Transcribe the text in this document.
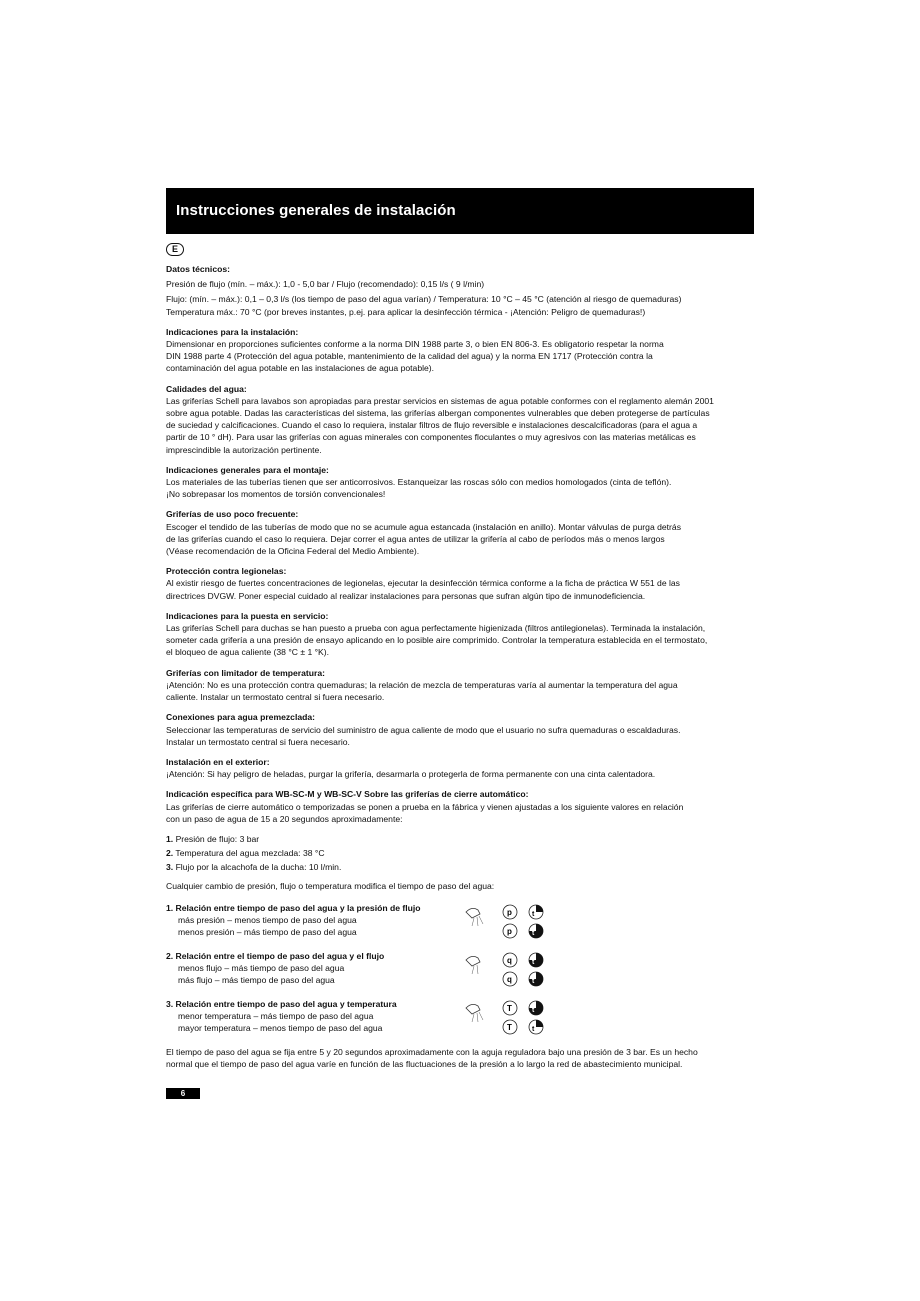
Instrucciones generales de instalación
E
Datos técnicos:
Presión de flujo (mín. – máx.): 1,0 - 5,0 bar / Flujo (recomendado): 0,15 l/s ( 9 l/min)
Flujo: (mín. – máx.): 0,1 – 0,3 l/s (los tiempo de paso del agua varían) / Temperatura: 10 °C – 45 °C (atención al riesgo de quemaduras)
Temperatura máx.: 70 °C (por breves instantes, p.ej. para aplicar la desinfección térmica - ¡Atención: Peligro de quemaduras!)
Indicaciones para la instalación:
Dimensionar en proporciones suficientes conforme a la norma DIN 1988 parte 3, o bien EN 806-3. Es obligatorio respetar la norma
DIN 1988 parte 4 (Protección del agua potable, mantenimiento de la calidad del agua) y la norma EN 1717 (Protección contra la
contaminación del agua potable en las instalaciones de agua potable).
Calidades del agua:
Las griferías Schell para lavabos son apropiadas para prestar servicios en sistemas de agua potable conformes con el reglamento alemán 2001
sobre agua potable. Dadas las características del sistema, las griferías albergan componentes vulnerables que deben protegerse de partículas
de suciedad y calcificaciones. Cuando el caso lo requiera, instalar filtros de flujo reversible e instalaciones descalcificadoras (para el agua a
partir de 10 ° dH). Para usar las griferías con aguas minerales con componentes floculantes o muy agresivos con las materias metálicas es
imprescindible la autorización pertinente.
Indicaciones generales para el montaje:
Los materiales de las tuberías tienen que ser anticorrosivos. Estanqueizar las roscas sólo con medios homologados (cinta de teflón).
¡No sobrepasar los momentos de torsión convencionales!
Griferías de uso poco frecuente:
Escoger el tendido de las tuberías de modo que no se acumule agua estancada (instalación en anillo). Montar válvulas de purga detrás
de las griferías cuando el caso lo requiera. Dejar correr el agua antes de utilizar la grifería al cabo de períodos más o menos largos
(Véase recomendación de la Oficina Federal del Medio Ambiente).
Protección contra legionelas:
Al existir riesgo de fuertes concentraciones de legionelas, ejecutar la desinfección térmica conforme a la ficha de práctica W 551 de las
directrices DVGW. Poner especial cuidado al realizar instalaciones para personas que sufran algún tipo de inmunodeficiencia.
Indicaciones para la puesta en servicio:
Las griferías Schell para duchas se han puesto a prueba con agua perfectamente higienizada (filtros antilegionelas). Terminada la instalación,
someter cada grifería a una presión de ensayo aplicando en lo posible aire comprimido. Controlar la temperatura establecida en el termostato,
el bloqueo de agua caliente (38 °C ± 1 °K).
Griferías con limitador de temperatura:
¡Atención: No es una protección contra quemaduras; la relación de mezcla de temperaturas varía al aumentar la temperatura del agua
caliente. Instalar un termostato central si fuera necesario.
Conexiones para agua premezclada:
Seleccionar las temperaturas de servicio del suministro de agua caliente de modo que el usuario no sufra quemaduras o escaldaduras.
Instalar un termostato central si fuera necesario.
Instalación en el exterior:
¡Atención: Si hay peligro de heladas, purgar la grifería, desarmarla o protegerla de forma permanente con una cinta calentadora.
Indicación específica para WB-SC-M y WB-SC-V Sobre las griferías de cierre automático:
Las griferías de cierre automático o temporizadas se ponen a prueba en la fábrica y vienen ajustadas a los siguiente valores en relación
con un paso de agua de 15 a 20 segundos aproximadamente:
1. Presión de flujo: 3 bar
2. Temperatura del agua mezclada: 38 °C
3. Flujo por la alcachofa de la ducha: 10 l/min.
Cualquier cambio de presión, flujo o temperatura modifica el tiempo de paso del agua:
1. Relación entre tiempo de paso del agua y la presión de flujo
más presión – menos tiempo de paso del agua
menos presión – más tiempo de paso del agua
p
p
t
t
2. Relación entre el tiempo de paso del agua y el flujo
menos flujo – más tiempo de paso del agua
más flujo – más tiempo de paso del agua
q
q
t
t
3. Relación entre tiempo de paso del agua y temperatura
menor temperatura – más tiempo de paso del agua
mayor temperatura – menos tiempo de paso del agua
T
T
t
t
El tiempo de paso del agua se fija entre 5 y 20 segundos aproximadamente con la aguja reguladora bajo una presión de 3 bar. Es un hecho
normal que el tiempo de paso del agua varíe en función de las fluctuaciones de la presión a lo largo la red de abastecimiento municipal.
6
